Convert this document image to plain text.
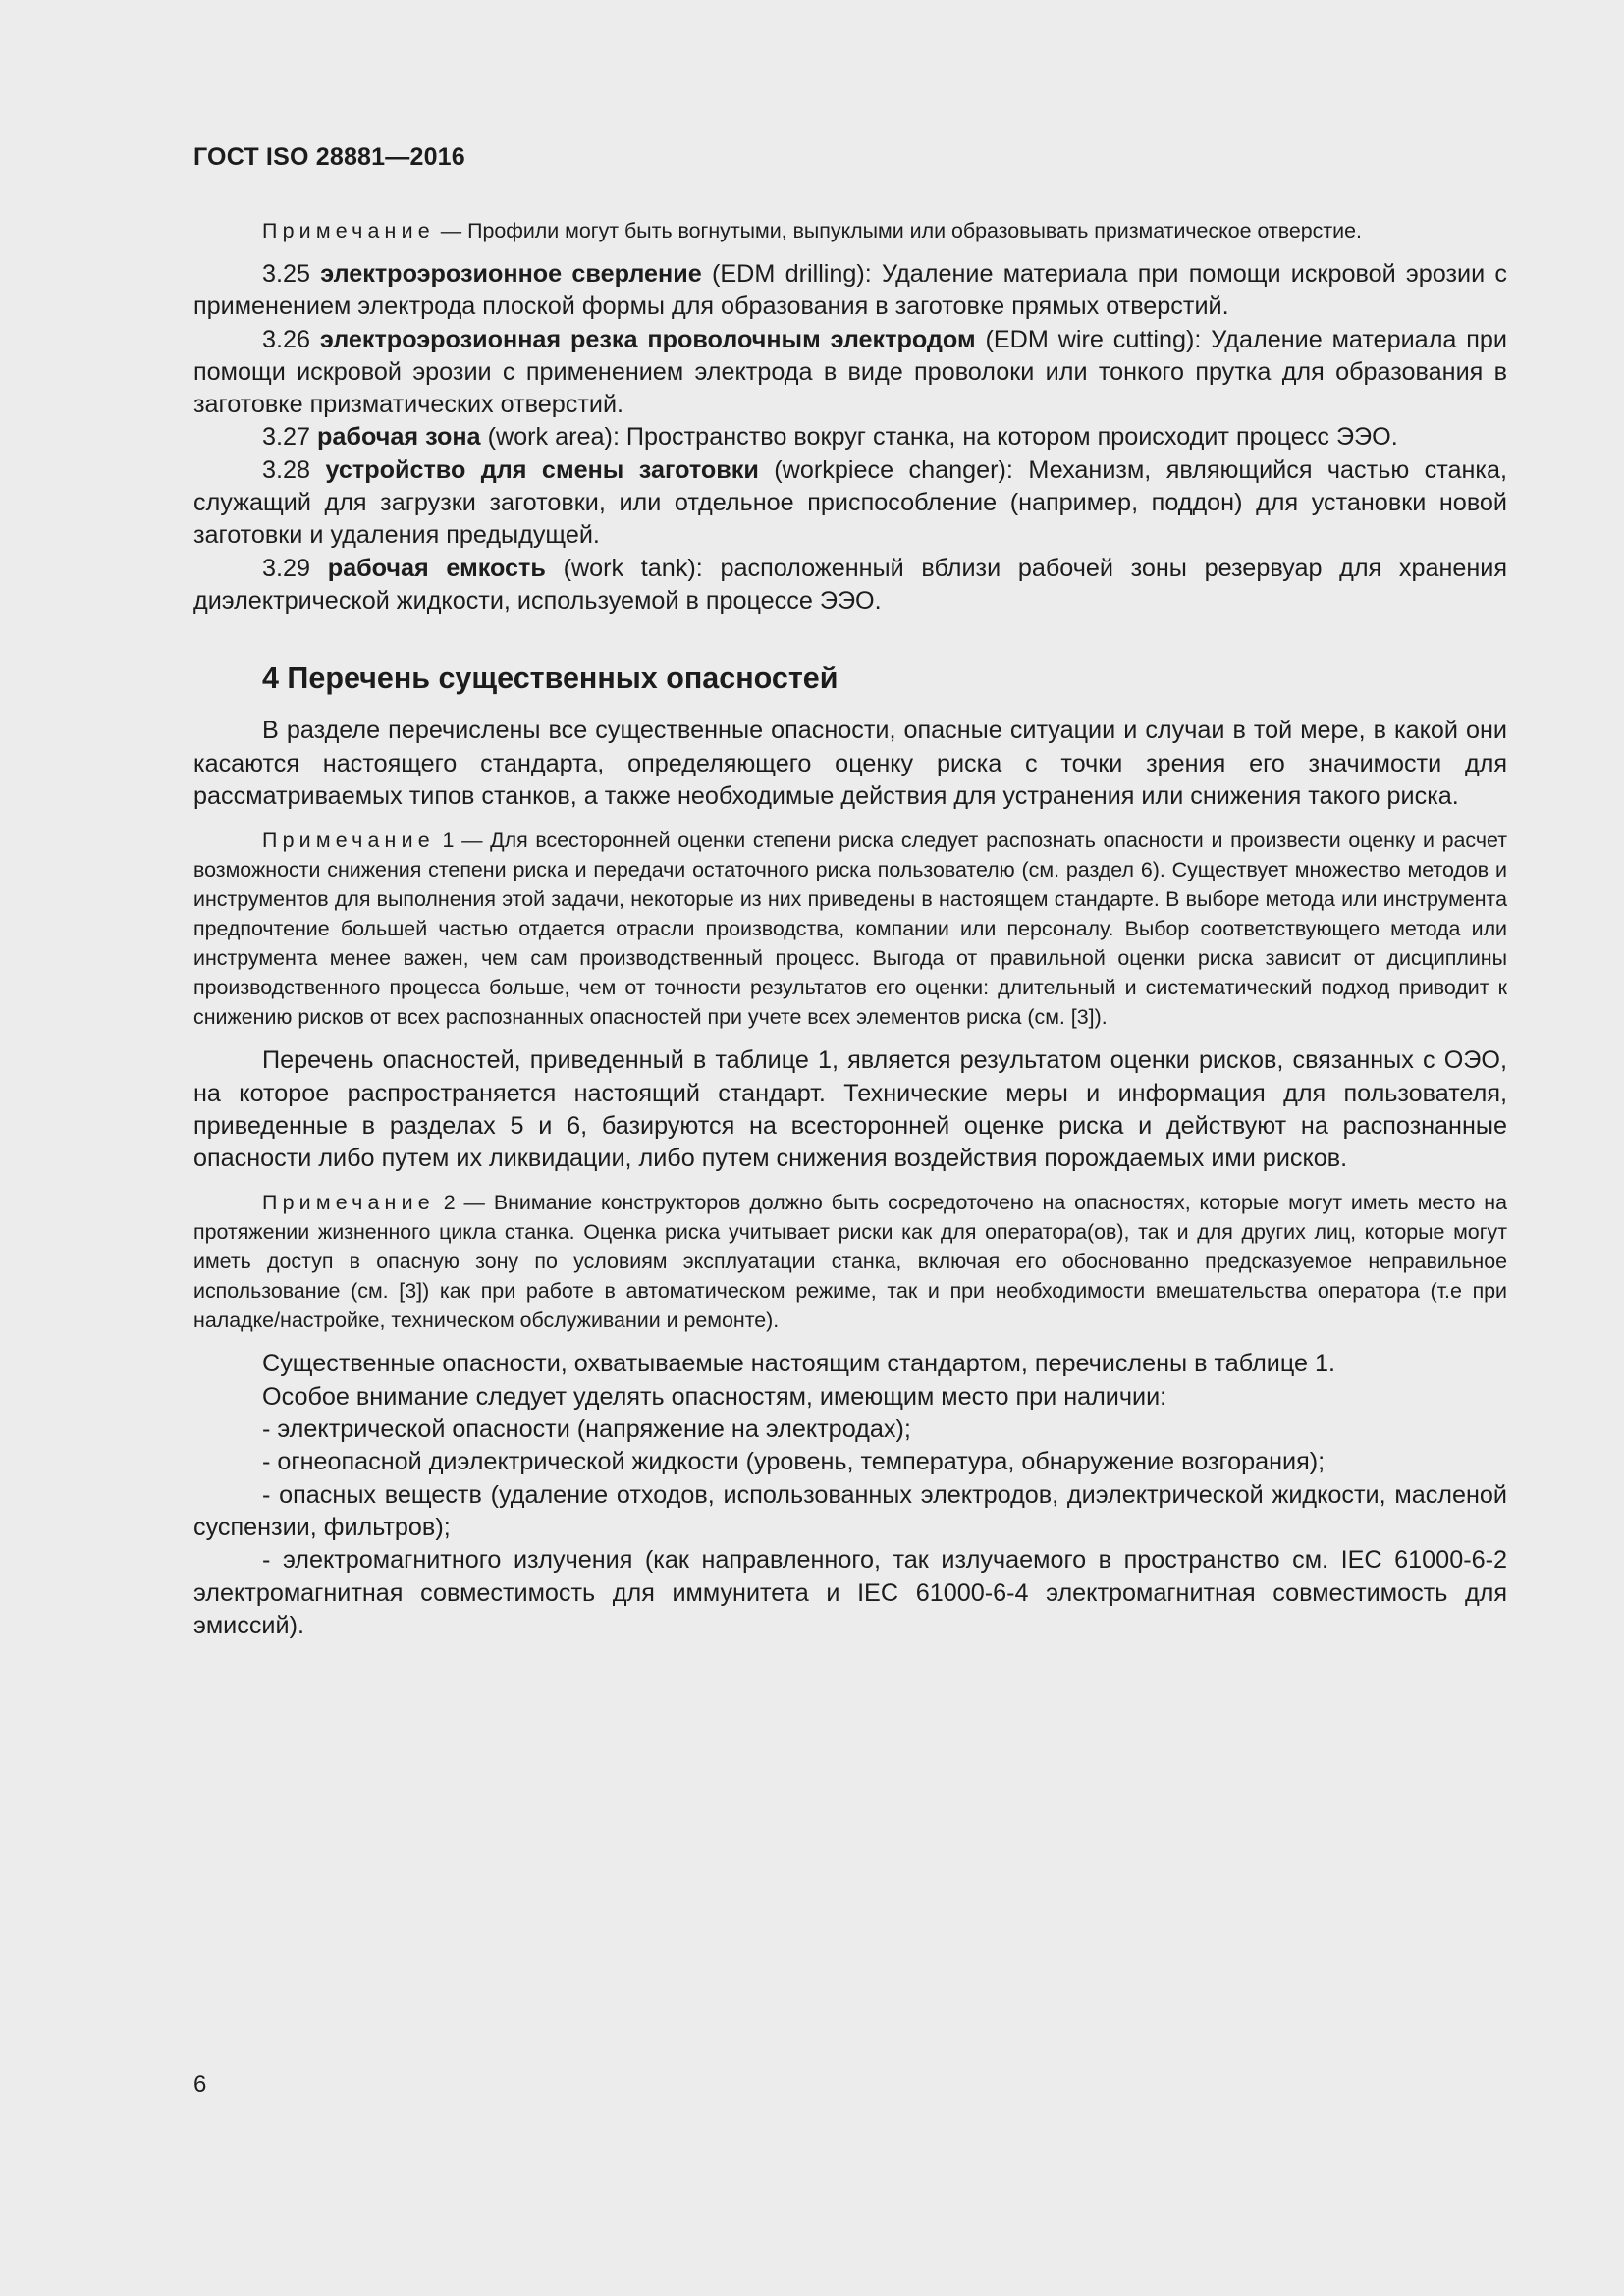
ГОСТ ISO 28881—2016

Примечание — Профили могут быть вогнутыми, выпуклыми или образовывать призматическое отверстие.

3.25 электроэрозионное сверление (EDM drilling): Удаление материала при помощи искровой эрозии с применением электрода плоской формы для образования в заготовке прямых отверстий.

3.26 электроэрозионная резка проволочным электродом (EDM wire cutting): Удаление материала при помощи искровой эрозии с применением электрода в виде проволоки или тонкого прутка для образования в заготовке призматических отверстий.

3.27 рабочая зона (work area): Пространство вокруг станка, на котором происходит процесс ЭЭО.

3.28 устройство для смены заготовки (workpiece changer): Механизм, являющийся частью станка, служащий для загрузки заготовки, или отдельное приспособление (например, поддон) для установки новой заготовки и удаления предыдущей.

3.29 рабочая емкость (work tank): расположенный вблизи рабочей зоны резервуар для хранения диэлектрической жидкости, используемой в процессе ЭЭО.

4 Перечень существенных опасностей

В разделе перечислены все существенные опасности, опасные ситуации и случаи в той мере, в какой они касаются настоящего стандарта, определяющего оценку риска с точки зрения его значимости для рассматриваемых типов станков, а также необходимые действия для устранения или снижения такого риска.

Примечание 1 — Для всесторонней оценки степени риска следует распознать опасности и произвести оценку и расчет возможности снижения степени риска и передачи остаточного риска пользователю (см. раздел 6). Существует множество методов и инструментов для выполнения этой задачи, некоторые из них приведены в настоящем стандарте. В выборе метода или инструмента предпочтение большей частью отдается отрасли производства, компании или персоналу. Выбор соответствующего метода или инструмента менее важен, чем сам производственный процесс. Выгода от правильной оценки риска зависит от дисциплины производственного процесса больше, чем от точности результатов его оценки: длительный и систематический подход приводит к снижению рисков от всех распознанных опасностей при учете всех элементов риска (см. [3]).

Перечень опасностей, приведенный в таблице 1, является результатом оценки рисков, связанных с ОЭО, на которое распространяется настоящий стандарт. Технические меры и информация для пользователя, приведенные в разделах 5 и 6, базируются на всесторонней оценке риска и действуют на распознанные опасности либо путем их ликвидации, либо путем снижения воздействия порождаемых ими рисков.

Примечание 2 — Внимание конструкторов должно быть сосредоточено на опасностях, которые могут иметь место на протяжении жизненного цикла станка. Оценка риска учитывает риски как для оператора(ов), так и для других лиц, которые могут иметь доступ в опасную зону по условиям эксплуатации станка, включая его обоснованно предсказуемое неправильное использование (см. [3]) как при работе в автоматическом режиме, так и при необходимости вмешательства оператора (т.е при наладке/настройке, техническом обслуживании и ремонте).

Существенные опасности, охватываемые настоящим стандартом, перечислены в таблице 1.

Особое внимание следует уделять опасностям, имеющим место при наличии:

- электрической опасности (напряжение на электродах);

- огнеопасной диэлектрической жидкости (уровень, температура, обнаружение возгорания);

- опасных веществ (удаление отходов, использованных электродов, диэлектрической жидкости, масленой суспензии, фильтров);

- электромагнитного излучения (как направленного, так излучаемого в пространство см. IEC 61000-6-2 электромагнитная совместимость для иммунитета и IEC 61000-6-4 электромагнитная совместимость для эмиссий).

6
